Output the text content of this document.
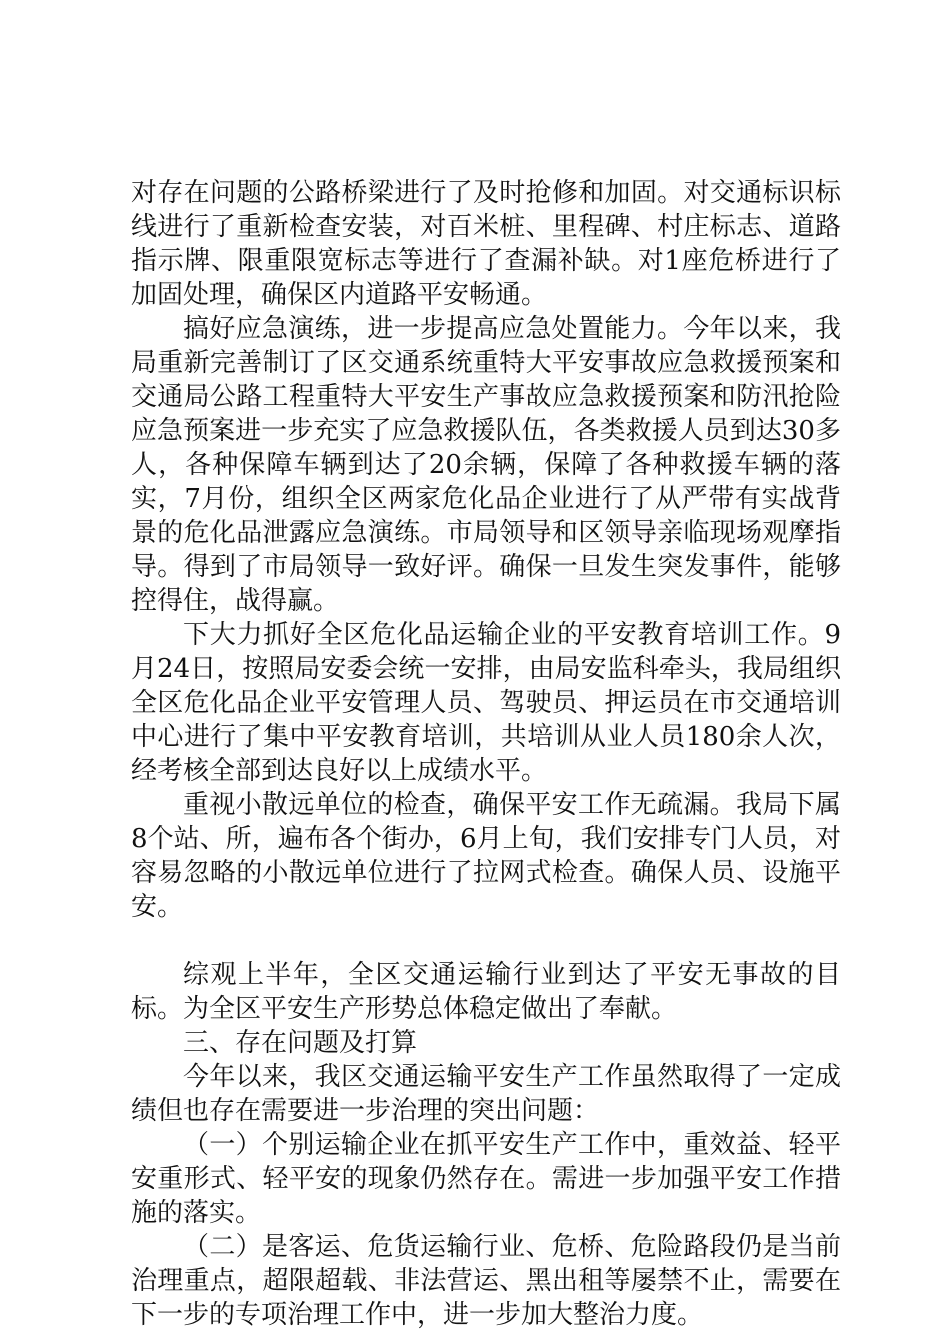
对存在问题的公路桥梁进行了及时抢修和加固。对交通标识标线进行了重新检查安装，对百米桩、里程碑、村庄标志、道路指示牌、限重限宽标志等进行了查漏补缺。对1座危桥进行了加固处理，确保区内道路平安畅通。

搞好应急演练，进一步提高应急处置能力。今年以来，我局重新完善制订了区交通系统重特大平安事故应急救援预案和交通局公路工程重特大平安生产事故应急救援预案和防汛抢险应急预案进一步充实了应急救援队伍，各类救援人员到达30多人，各种保障车辆到达了20余辆，保障了各种救援车辆的落实，7月份，组织全区两家危化品企业进行了从严带有实战背景的危化品泄露应急演练。市局领导和区领导亲临现场观摩指导。得到了市局领导一致好评。确保一旦发生突发事件，能够控得住，战得赢。

下大力抓好全区危化品运输企业的平安教育培训工作。9月24日，按照局安委会统一安排，由局安监科牵头，我局组织全区危化品企业平安管理人员、驾驶员、押运员在市交通培训中心进行了集中平安教育培训，共培训从业人员180余人次，经考核全部到达良好以上成绩水平。

重视小散远单位的检查，确保平安工作无疏漏。我局下属8个站、所，遍布各个街办，6月上旬，我们安排专门人员，对容易忽略的小散远单位进行了拉网式检查。确保人员、设施平安。

综观上半年，全区交通运输行业到达了平安无事故的目标。为全区平安生产形势总体稳定做出了奉献。

三、存在问题及打算

今年以来，我区交通运输平安生产工作虽然取得了一定成绩但也存在需要进一步治理的突出问题：

（一）个别运输企业在抓平安生产工作中，重效益、轻平安重形式、轻平安的现象仍然存在。需进一步加强平安工作措施的落实。

（二）是客运、危货运输行业、危桥、危险路段仍是当前治理重点，超限超载、非法营运、黑出租等屡禁不止，需要在下一步的专项治理工作中，进一步加大整治力度。
